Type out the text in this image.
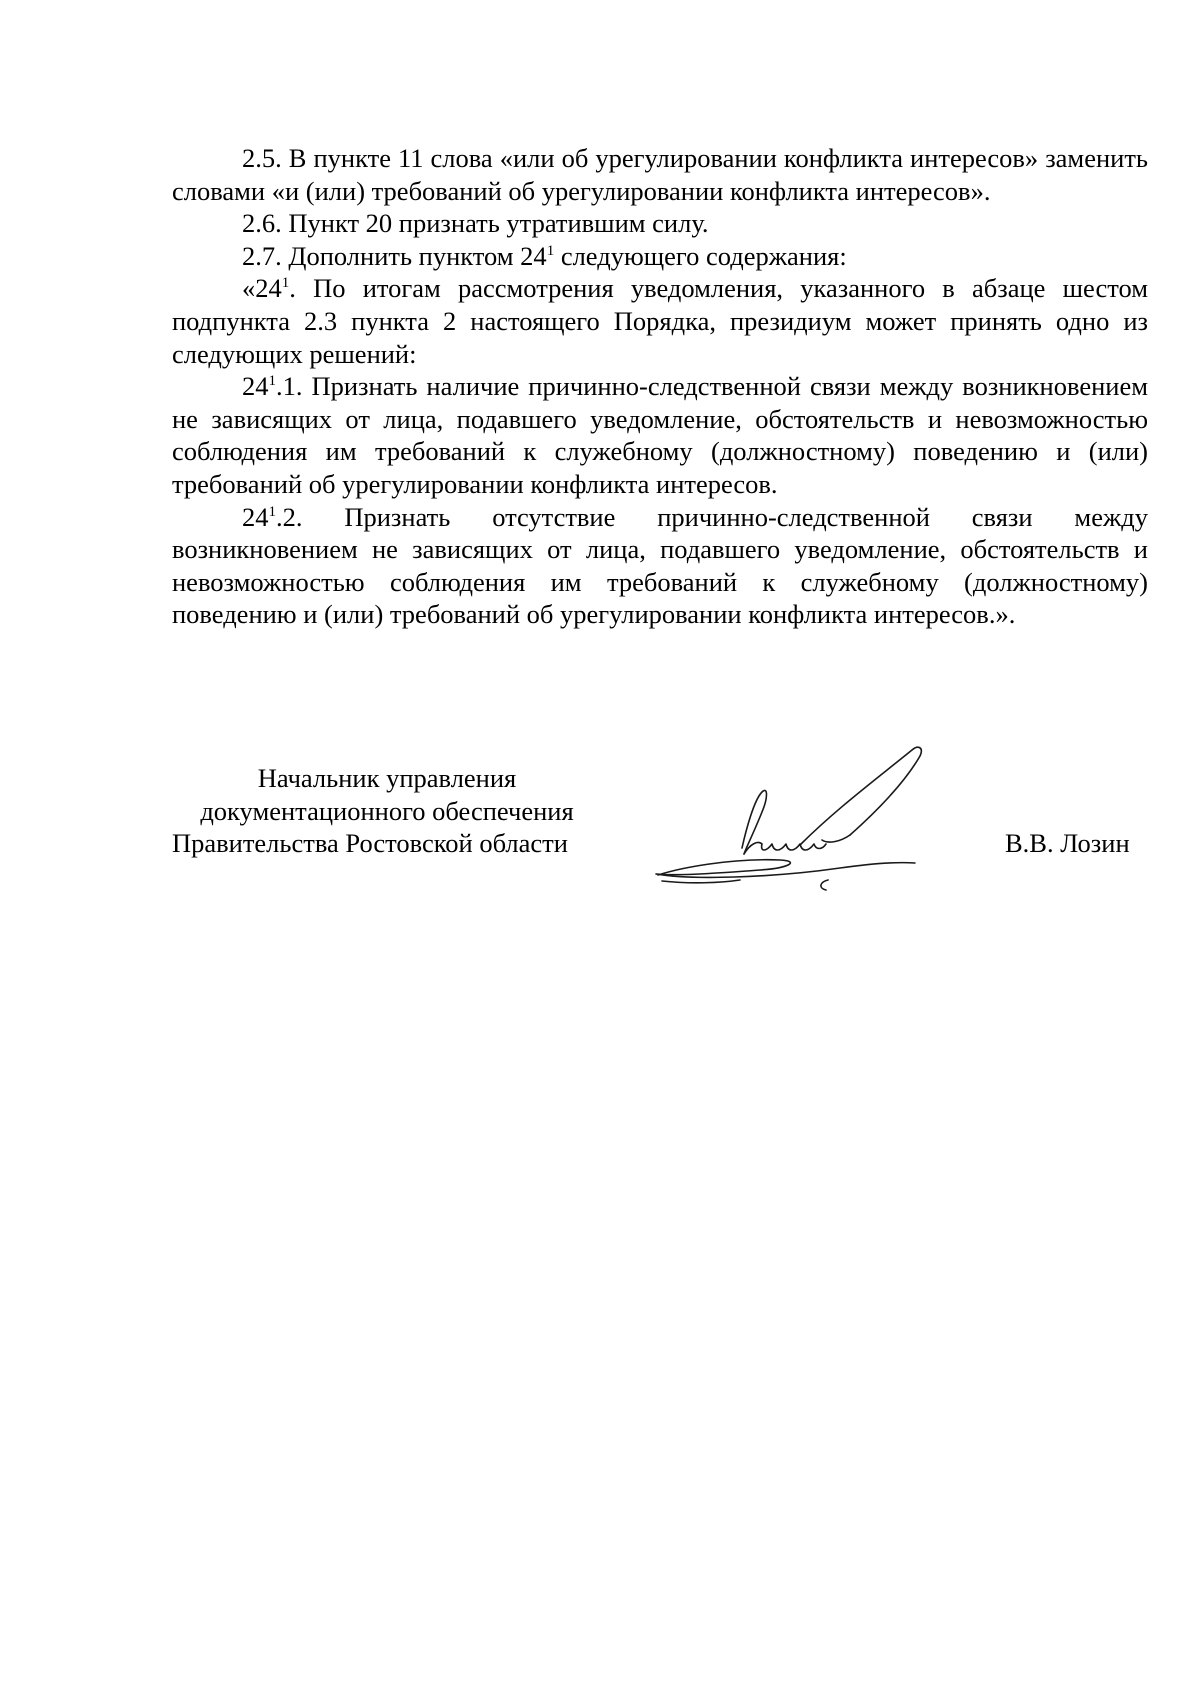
2.5. В пункте 11 слова «или об урегулировании конфликта интересов» заменить словами «и (или) требований об урегулировании конфликта интересов».

2.6. Пункт 20 признать утратившим силу.

2.7. Дополнить пунктом $24^1$ следующего содержания:

«$24^1$. По итогам рассмотрения уведомления, указанного в абзаце шестом подпункта 2.3 пункта 2 настоящего Порядка, президиум может принять одно из следующих решений:

$24^1.1$. Признать наличие причинно-следственной связи между возникновением не зависящих от лица, подавшего уведомление, обстоятельств и невозможностью соблюдения им требований к служебному (должностному) поведению и (или) требований об урегулировании конфликта интересов.

$24^1.2$. Признать отсутствие причинно-следственной связи между возникновением не зависящих от лица, подавшего уведомление, обстоятельств и невозможностью соблюдения им требований к служебному (должностному) поведению и (или) требований об урегулировании конфликта интересов.».

Начальник управления
документационного обеспечения
Правительства Ростовской области	В.В. Лозин
